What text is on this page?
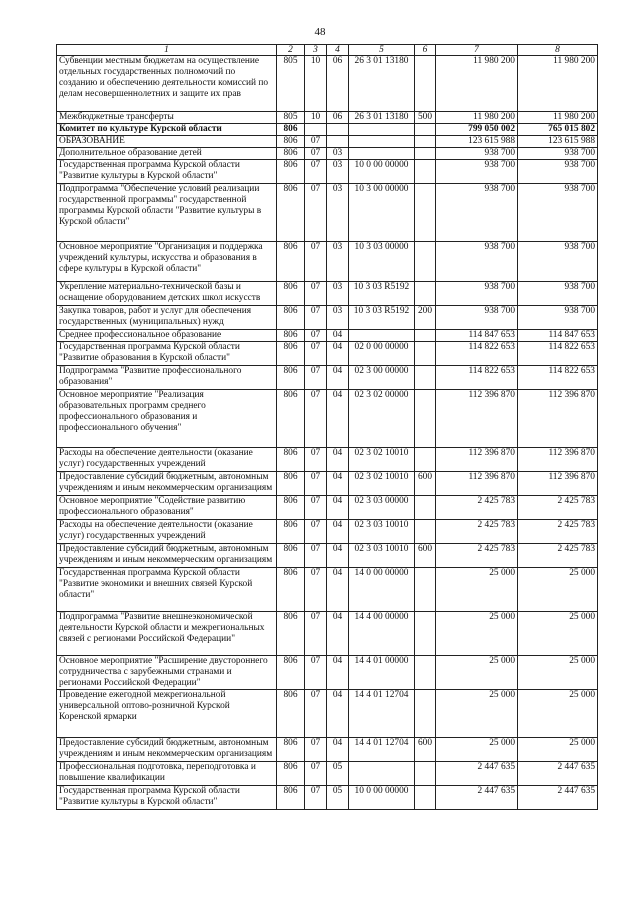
48
1	2	3	4	5	6	7	8
Субвенции местным бюджетам на осуществление отдельных государственных полномочий по созданию и обеспечению деятельности комиссий по делам несовершеннолетних и защите их прав	805	10	06	26 3 01 13180		11 980 200	11 980 200
Межбюджетные трансферты	805	10	06	26 3 01 13180	500	11 980 200	11 980 200
Комитет по культуре Курской области	806					799 050 002	765 015 802
ОБРАЗОВАНИЕ	806	07				123 615 988	123 615 988
Дополнительное образование детей	806	07	03			938 700	938 700
Государственная программа Курской области "Развитие культуры в Курской области"	806	07	03	10 0 00 00000		938 700	938 700
Подпрограмма "Обеспечение условий реализации государственной программы" государственной программы Курской области "Развитие культуры в Курской области"	806	07	03	10 3 00 00000		938 700	938 700
Основное мероприятие "Организация и поддержка учреждений культуры, искусства и образования в сфере культуры в Курской области"	806	07	03	10 3 03 00000		938 700	938 700
Укрепление материально-технической базы и оснащение оборудованием детских школ искусств	806	07	03	10 3 03 R5192		938 700	938 700
Закупка товаров, работ и услуг для обеспечения государственных (муниципальных) нужд	806	07	03	10 3 03 R5192	200	938 700	938 700
Среднее профессиональное образование	806	07	04			114 847 653	114 847 653
Государственная программа Курской области "Развитие образования в Курской области"	806	07	04	02 0 00 00000		114 822 653	114 822 653
Подпрограмма "Развитие профессионального образования"	806	07	04	02 3 00 00000		114 822 653	114 822 653
Основное мероприятие "Реализация образовательных программ среднего профессионального образования и профессионального обучения"	806	07	04	02 3 02 00000		112 396 870	112 396 870
Расходы на обеспечение деятельности (оказание услуг) государственных учреждений	806	07	04	02 3 02 10010		112 396 870	112 396 870
Предоставление субсидий бюджетным, автономным учреждениям и иным некоммерческим организациям	806	07	04	02 3 02 10010	600	112 396 870	112 396 870
Основное мероприятие "Содействие развитию профессионального образования"	806	07	04	02 3 03 00000		2 425 783	2 425 783
Расходы на обеспечение деятельности (оказание услуг) государственных учреждений	806	07	04	02 3 03 10010		2 425 783	2 425 783
Предоставление субсидий бюджетным, автономным учреждениям и иным некоммерческим организациям	806	07	04	02 3 03 10010	600	2 425 783	2 425 783
Государственная программа Курской области "Развитие экономики и внешних связей Курской области"	806	07	04	14 0 00 00000		25 000	25 000
Подпрограмма "Развитие внешнеэкономической деятельности Курской области и межрегиональных связей с регионами Российской Федерации"	806	07	04	14 4 00 00000		25 000	25 000
Основное мероприятие "Расширение двустороннего сотрудничества с зарубежными странами и регионами Российской Федерации"	806	07	04	14 4 01 00000		25 000	25 000
Проведение ежегодной межрегиональной универсальной оптово-розничной Курской Коренской ярмарки	806	07	04	14 4 01 12704		25 000	25 000
Предоставление субсидий бюджетным, автономным учреждениям и иным некоммерческим организациям	806	07	04	14 4 01 12704	600	25 000	25 000
Профессиональная подготовка, переподготовка и повышение квалификации	806	07	05			2 447 635	2 447 635
Государственная программа Курской области "Развитие культуры в Курской области"	806	07	05	10 0 00 00000		2 447 635	2 447 635
